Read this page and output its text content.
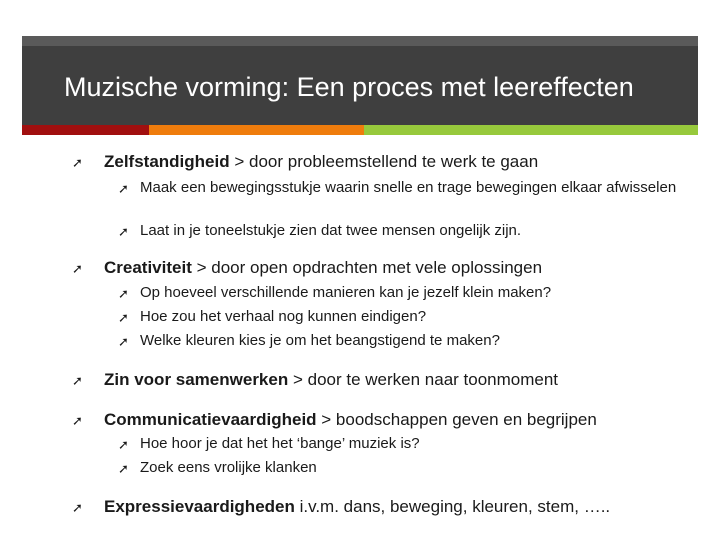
Muzische vorming: Een proces met leereffecten
➚ Zelfstandigheid > door probleemstellend te werk te gaan
➚ Maak een bewegingsstukje waarin snelle en trage bewegingen elkaar afwisselen
➚ Laat in je toneelstukje zien dat twee mensen ongelijk zijn.
➚ Creativiteit > door open opdrachten met vele oplossingen
➚ Op hoeveel verschillende manieren kan je jezelf klein maken?
➚ Hoe zou het verhaal nog kunnen eindigen?
➚ Welke kleuren kies je om het beangstigend te maken?
➚ Zin voor samenwerken > door te werken naar toonmoment
➚ Communicatievaardigheid > boodschappen geven en begrijpen
➚ Hoe hoor je dat het het ‘bange’ muziek is?
➚ Zoek eens vrolijke klanken
➚ Expressievaardigheden i.v.m. dans, beweging, kleuren, stem, …..
